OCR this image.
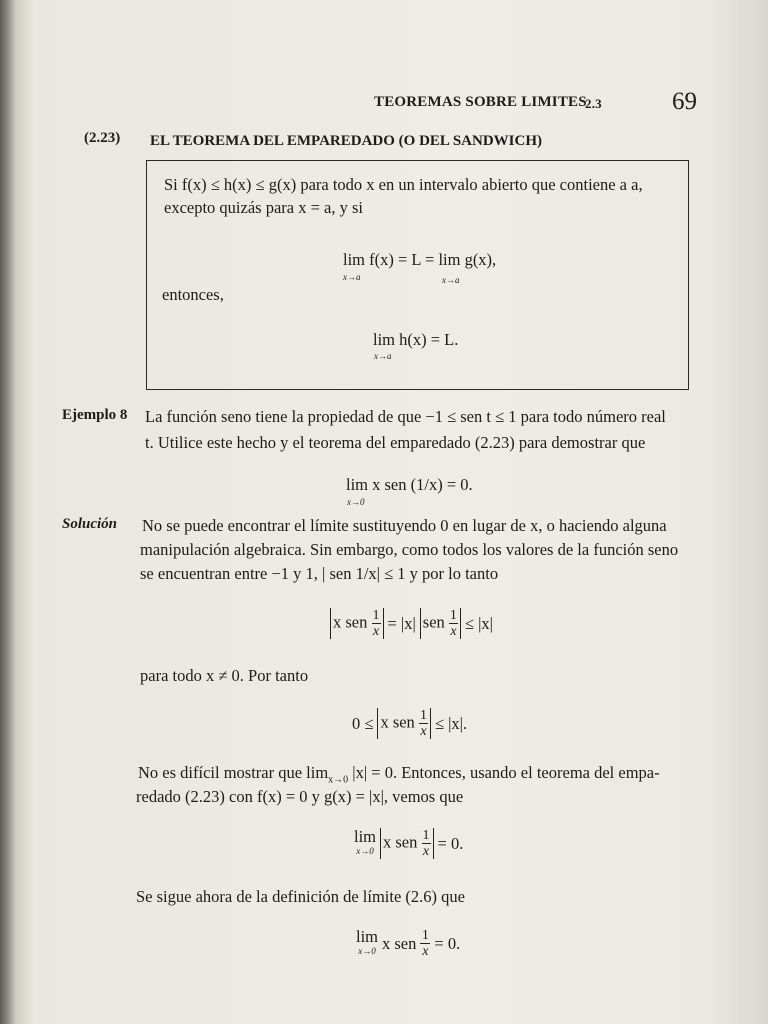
TEOREMAS SOBRE LIMITES
2.3	69
(2.23) EL TEOREMA DEL EMPAREDADO (O DEL SANDWICH)
Si f(x) ≤ h(x) ≤ g(x) para todo x en un intervalo abierto que contiene a a,
excepto quizás para x = a, y si
lim f(x) = L = lim g(x),
x→a	x→a
entonces,
lim h(x) = L.
x→a
Ejemplo 8 La función seno tiene la propiedad de que −1 ≤ sen t ≤ 1 para todo número real
t. Utilice este hecho y el teorema del emparedado (2.23) para demostrar que
lim x sen (1/x) = 0.
x→0
Solución No se puede encontrar el límite sustituyendo 0 en lugar de x, o haciendo alguna
manipulación algebraica. Sin embargo, como todos los valores de la función seno
se encuentran entre −1 y 1, | sen 1/x| ≤ 1 y por lo tanto
x sen $\frac{1}{x} = |x|$ sen $\frac{1}{x} \le |x|$
para todo x ≠ 0. Por tanto
0 ≤ x sen $\frac{1}{x} \le |x|$.
No es difícil mostrar que $\lim_{x\to 0} |x| = 0$. Entonces, usando el teorema del empa-
redado (2.23) con f(x) = 0 y g(x) = |x|, vemos que
lim
x→0 x sen $\frac{1}{x} = 0$.
Se sigue ahora de la definición de límite (2.6) que
lim
x→0 x sen $\frac{1}{x} = 0$.
